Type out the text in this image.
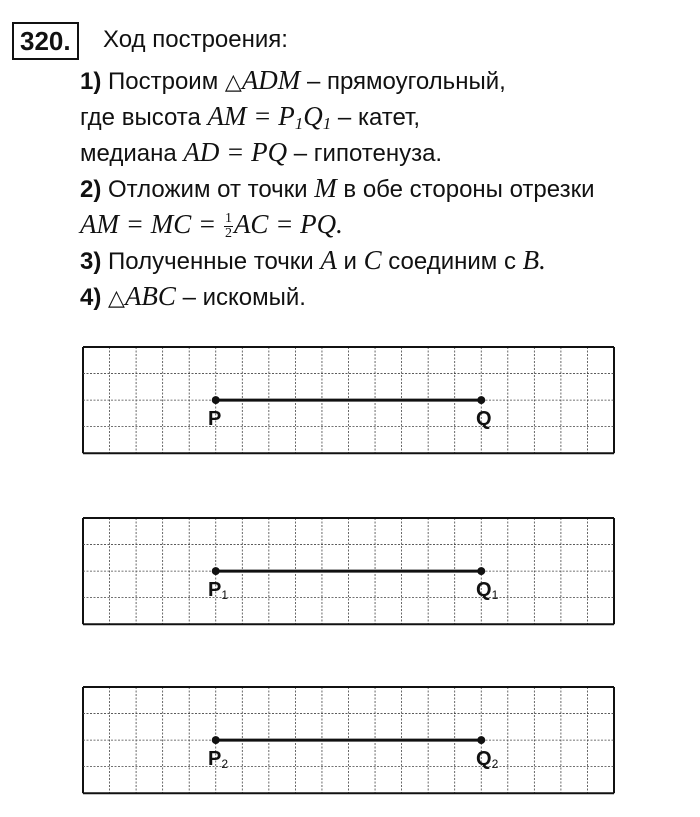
320.	Ход построения:
1) Построим △ADM – прямоугольный,
где высота AM = $P_1Q_1$ – катет,
медиана AD = PQ – гипотенуза.
2) Отложим от точки M в обе стороны отрезки
AM = MC = $\frac{1}{2}$ AC = PQ.
3) Полученные точки A и C соединим с B.
4) △ABC – искомый.
P	Q
$P_1$	$Q_1$
$P_2$	$Q_2$
